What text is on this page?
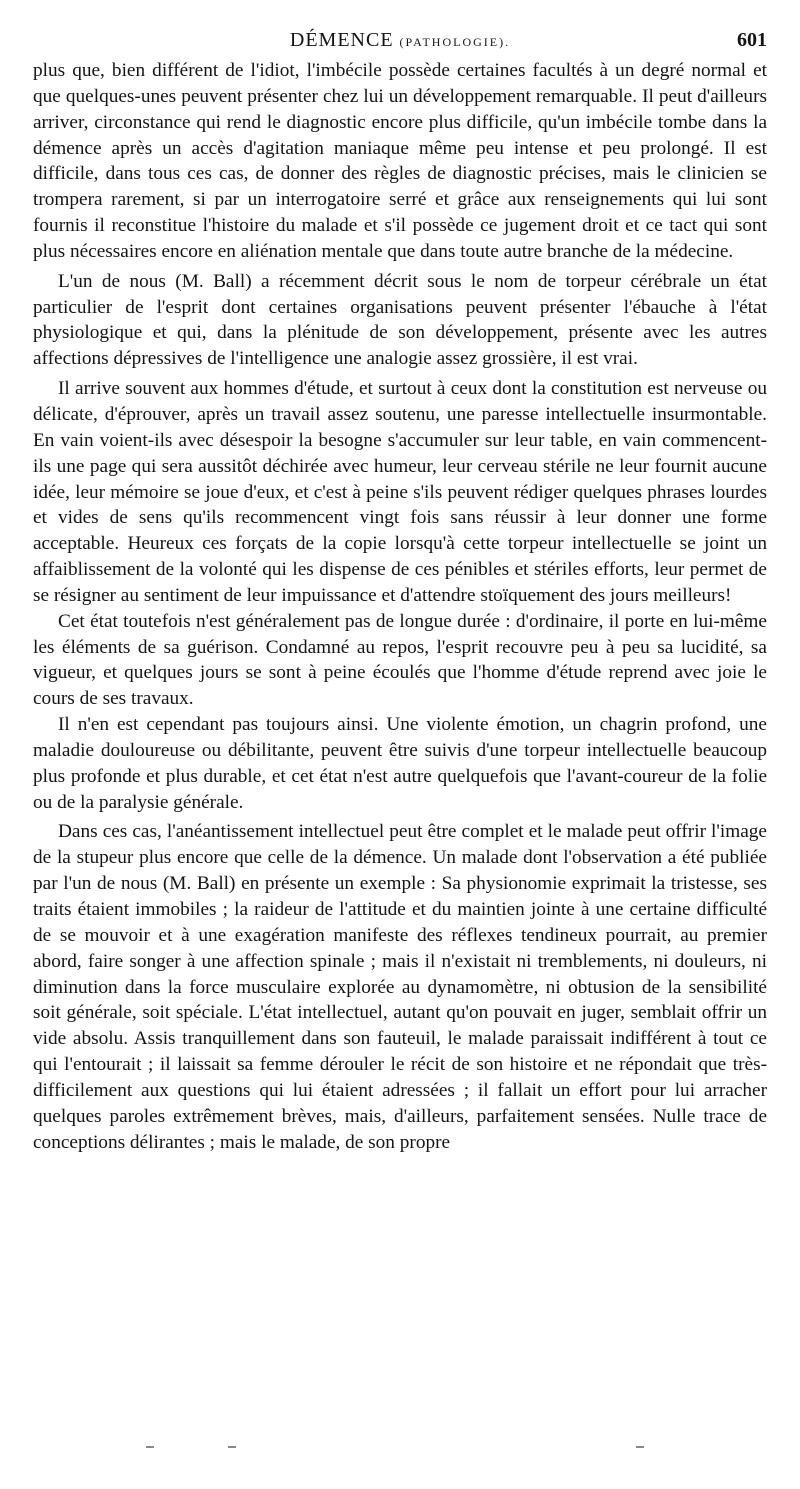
DÉMENCE (PATHOLOGIE).	601

plus que, bien différent de l'idiot, l'imbécile possède certaines facultés à un degré normal et que quelques-unes peuvent présenter chez lui un développement remarquable. Il peut d'ailleurs arriver, circonstance qui rend le diagnostic encore plus difficile, qu'un imbécile tombe dans la démence après un accès d'agitation maniaque même peu intense et peu prolongé. Il est difficile, dans tous ces cas, de donner des règles de diagnostic précises, mais le clinicien se trompera rarement, si par un interrogatoire serré et grâce aux renseignements qui lui sont fournis il reconstitue l'histoire du malade et s'il possède ce jugement droit et ce tact qui sont plus nécessaires encore en aliénation mentale que dans toute autre branche de la médecine.

L'un de nous (M. Ball) a récemment décrit sous le nom de torpeur cérébrale un état particulier de l'esprit dont certaines organisations peuvent présenter l'ébauche à l'état physiologique et qui, dans la plénitude de son développement, présente avec les autres affections dépressives de l'intelligence une analogie assez grossière, il est vrai.

Il arrive souvent aux hommes d'étude, et surtout à ceux dont la constitution est nerveuse ou délicate, d'éprouver, après un travail assez soutenu, une paresse intellectuelle insurmontable. En vain voient-ils avec désespoir la besogne s'accumuler sur leur table, en vain commencent-ils une page qui sera aussitôt déchirée avec humeur, leur cerveau stérile ne leur fournit aucune idée, leur mémoire se joue d'eux, et c'est à peine s'ils peuvent rédiger quelques phrases lourdes et vides de sens qu'ils recommencent vingt fois sans réussir à leur donner une forme acceptable. Heureux ces forçats de la copie lorsqu'à cette torpeur intellectuelle se joint un affaiblissement de la volonté qui les dispense de ces pénibles et stériles efforts, leur permet de se résigner au sentiment de leur impuissance et d'attendre stoïquement des jours meilleurs!

Cet état toutefois n'est généralement pas de longue durée : d'ordinaire, il porte en lui-même les éléments de sa guérison. Condamné au repos, l'esprit recouvre peu à peu sa lucidité, sa vigueur, et quelques jours se sont à peine écoulés que l'homme d'étude reprend avec joie le cours de ses travaux.

Il n'en est cependant pas toujours ainsi. Une violente émotion, un chagrin profond, une maladie douloureuse ou débilitante, peuvent être suivis d'une torpeur intellectuelle beaucoup plus profonde et plus durable, et cet état n'est autre quelquefois que l'avant-coureur de la folie ou de la paralysie générale.

Dans ces cas, l'anéantissement intellectuel peut être complet et le malade peut offrir l'image de la stupeur plus encore que celle de la démence. Un malade dont l'observation a été publiée par l'un de nous (M. Ball) en présente un exemple : Sa physionomie exprimait la tristesse, ses traits étaient immobiles ; la raideur de l'attitude et du maintien jointe à une certaine difficulté de se mouvoir et à une exagération manifeste des réflexes tendineux pourrait, au premier abord, faire songer à une affection spinale ; mais il n'existait ni tremblements, ni douleurs, ni diminution dans la force musculaire explorée au dynamomètre, ni obtusion de la sensibilité soit générale, soit spéciale. L'état intellectuel, autant qu'on pouvait en juger, semblait offrir un vide absolu. Assis tranquillement dans son fauteuil, le malade paraissait indifférent à tout ce qui l'entourait ; il laissait sa femme dérouler le récit de son histoire et ne répondait que très-difficilement aux questions qui lui étaient adressées ; il fallait un effort pour lui arracher quelques paroles extrêmement brèves, mais, d'ailleurs, parfaitement sensées. Nulle trace de conceptions délirantes ; mais le malade, de son propre
